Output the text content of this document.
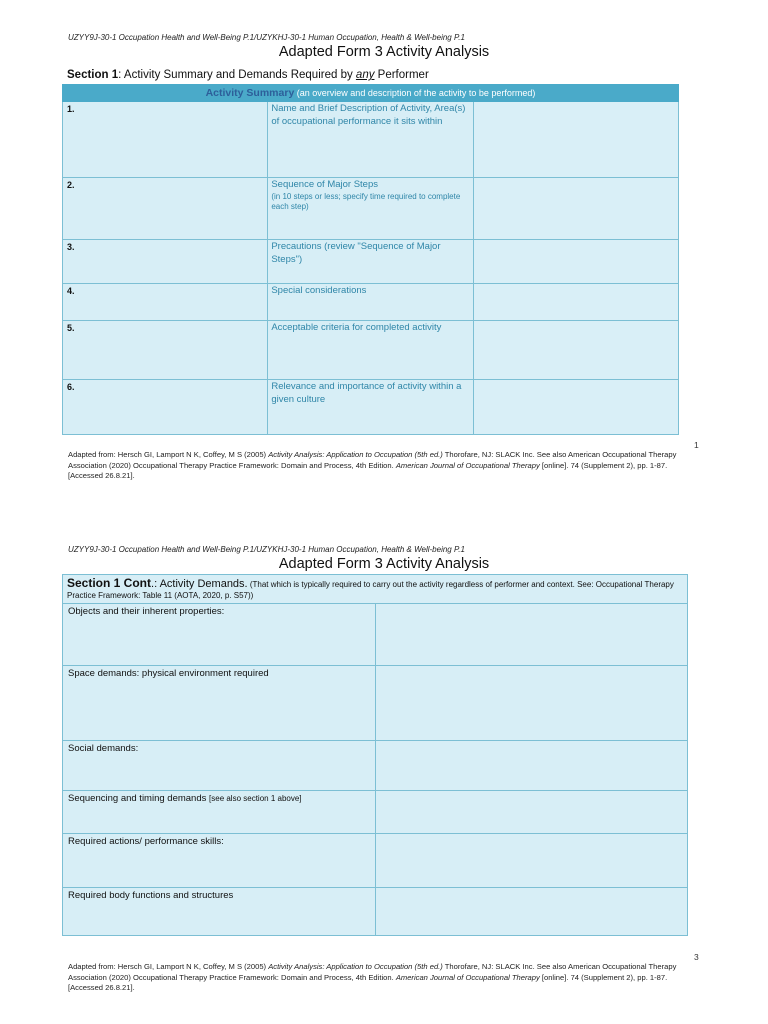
UZYY9J-30-1 Occupation Health and Well-Being P.1/UZYKHJ-30-1 Human Occupation, Health & Well-being P.1
Adapted Form 3 Activity Analysis
Section 1: Activity Summary and Demands Required by any Performer
Activity Summary (an overview and description of the activity to be performed)		
1.	Name and Brief Description of Activity, Area(s) of occupational performance it sits within	
2.	Sequence of Major Steps
(in 10 steps or less; specify time required to complete each step)	

3.	Precautions (review "Sequence of Major Steps")	
4.	Special considerations	
5.	Acceptable criteria for completed activity	
6.	Relevance and importance of activity within a given culture	
Adapted from: Hersch GI, Lamport N K, Coffey, M S (2005) Activity Analysis: Application to Occupation (5th ed.) Thorofare, NJ: SLACK Inc. See also American Occupational Therapy Association (2020) Occupational Therapy Practice Framework: Domain and Process, 4th Edition. American Journal of Occupational Therapy [online]. 74 (Supplement 2), pp. 1-87. [Accessed 26.8.21].
1
UZYY9J-30-1 Occupation Health and Well-Being P.1/UZYKHJ-30-1 Human Occupation, Health & Well-being P.1
Adapted Form 3 Activity Analysis
Section 1 Cont.: Activity Demands. (That which is typically required to carry out the activity regardless of performer and context. See: Occupational Therapy Practice Framework: Table 11 (AOTA, 2020, p. S57))	
Objects and their inherent properties:	
Space demands: physical environment required	
Social demands:	
Sequencing and timing demands [see also section 1 above]	
Required actions/ performance skills:	
Required body functions and structures	
3
Adapted from: Hersch GI, Lamport N K, Coffey, M S (2005) Activity Analysis: Application to Occupation (5th ed.) Thorofare, NJ: SLACK Inc. See also American Occupational Therapy Association (2020) Occupational Therapy Practice Framework: Domain and Process, 4th Edition. American Journal of Occupational Therapy [online]. 74 (Supplement 2), pp. 1-87. [Accessed 26.8.21].
